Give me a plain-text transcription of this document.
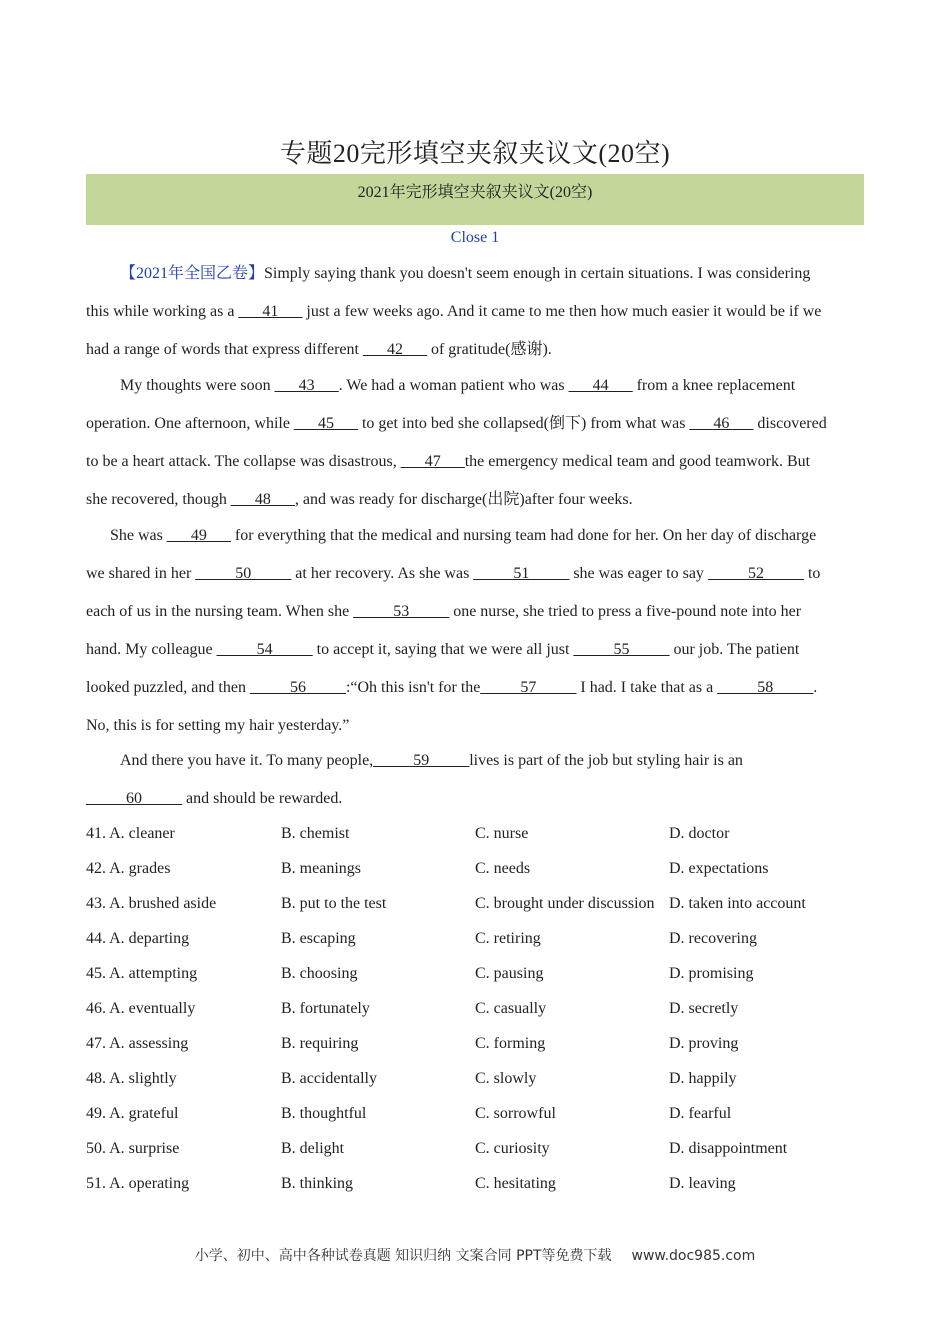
专题20完形填空夹叙夹议文(20空)
2021年完形填空夹叙夹议文(20空)
Close 1
【2021年全国乙卷】Simply saying thank you doesn't seem enough in certain situations. I was considering
this while working as a ___41___ just a few weeks ago. And it came to me then how much easier it would be if we
had a range of words that express different ___42___ of gratitude(感谢).
My thoughts were soon ___43___. We had a woman patient who was ___44___ from a knee replacement
operation. One afternoon, while ___45___ to get into bed she collapsed(倒下) from what was ___46___ discovered
to be a heart attack. The collapse was disastrous, ___47___the emergency medical team and good teamwork. But
she recovered, though ___48___, and was ready for discharge(出院)after four weeks.
She was ___49___ for everything that the medical and nursing team had done for her. On her day of discharge
we shared in her _____50_____ at her recovery. As she was _____51_____ she was eager to say _____52_____ to
each of us in the nursing team. When she _____53_____ one nurse, she tried to press a five-pound note into her
hand. My colleague _____54_____ to accept it, saying that we were all just _____55_____ our job. The patient
looked puzzled, and then _____56_____:“Oh this isn't for the_____57_____ I had. I take that as a _____58_____.
No, this is for setting my hair yesterday.”
And there you have it. To many people,_____59_____lives is part of the job but styling hair is an
_____60_____ and should be rewarded.
41. A. cleaner	B. chemist	C. nurse	D. doctor
42. A. grades	B. meanings	C. needs	D. expectations
43. A. brushed aside	B. put to the test	C. brought under discussion D. taken into account
44. A. departing	B. escaping	C. retiring	D. recovering
45. A. attempting	B. choosing	C. pausing	D. promising
46. A. eventually	B. fortunately	C. casually	D. secretly
47. A. assessing	B. requiring	C. forming	D. proving
48. A. slightly	B. accidentally	C. slowly	D. happily
49. A. grateful	B. thoughtful	C. sorrowful	D. fearful
50. A. surprise	B. delight	C. curiosity	D. disappointment
51. A. operating	B. thinking	C. hesitating	D. leaving
小学、初中、高中各种试卷真题 知识归纳 文案合同 PPT等免费下载 www.doc985.com
